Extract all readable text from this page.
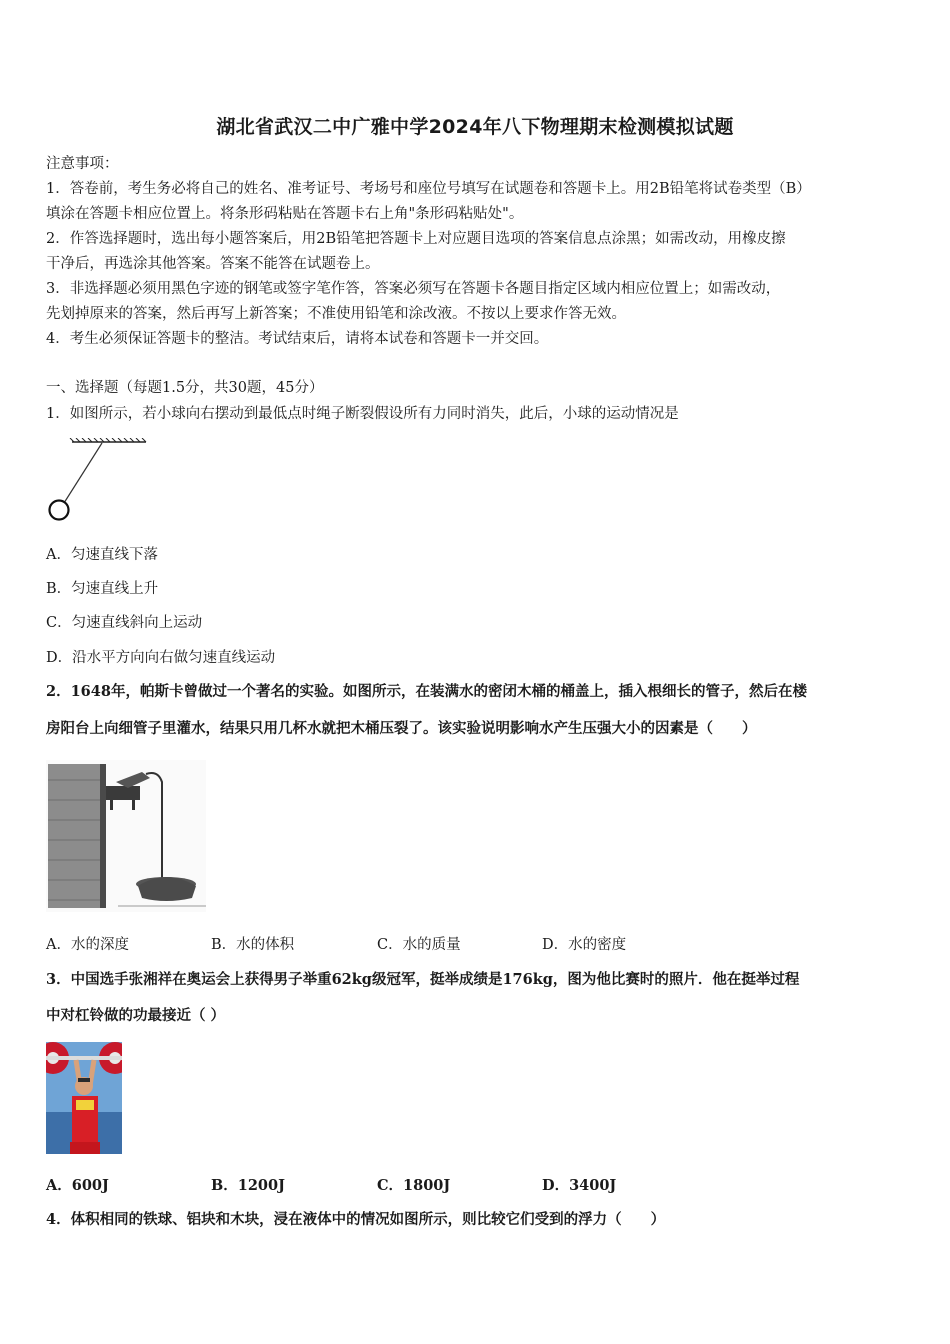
湖北省武汉二中广雅中学2024年八下物理期末检测模拟试题
注意事项：
1．答卷前，考生务必将自己的姓名、准考证号、考场号和座位号填写在试题卷和答题卡上。用2B铅笔将试卷类型（B）
填涂在答题卡相应位置上。将条形码粘贴在答题卡右上角"条形码粘贴处"。
2．作答选择题时，选出每小题答案后，用2B铅笔把答题卡上对应题目选项的答案信息点涂黑；如需改动，用橡皮擦
干净后，再选涂其他答案。答案不能答在试题卷上。
3．非选择题必须用黑色字迹的钢笔或签字笔作答，答案必须写在答题卡各题目指定区域内相应位置上；如需改动，
先划掉原来的答案，然后再写上新答案；不准使用铅笔和涂改液。不按以上要求作答无效。
4．考生必须保证答题卡的整洁。考试结束后，请将本试卷和答题卡一并交回。
一、选择题（每题1.5分，共30题，45分）
1．如图所示，若小球向右摆动到最低点时绳子断裂假设所有力同时消失，此后，小球的运动情况是
A．匀速直线下落
B．匀速直线上升
C．匀速直线斜向上运动
D．沿水平方向向右做匀速直线运动
2．1648年，帕斯卡曾做过一个著名的实验。如图所示，在装满水的密闭木桶的桶盖上，插入根细长的管子，然后在楼
房阳台上向细管子里灌水，结果只用几杯水就把木桶压裂了。该实验说明影响水产生压强大小的因素是（　　）
A．水的深度	B．水的体积	C．水的质量	D．水的密度
3．中国选手张湘祥在奥运会上获得男子举重62kg级冠军，挺举成绩是176kg，图为他比赛时的照片．他在挺举过程
中对杠铃做的功最接近（ ）
A．600J	B．1200J	C．1800J	D．3400J
4．体积相同的铁球、铝块和木块，浸在液体中的情况如图所示，则比较它们受到的浮力（　　）
